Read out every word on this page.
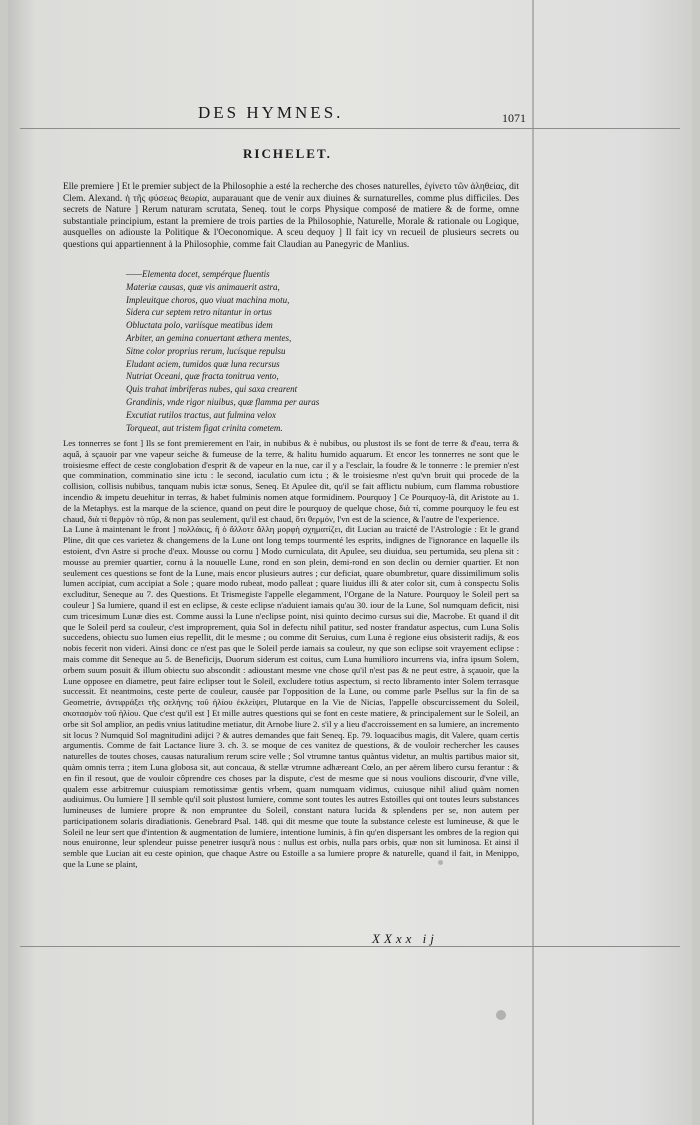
DES HYMNES.	1071
RICHELET.

Elle premiere ] Et le premier subject de la Philosophie a esté la recherche des choses naturelles, ἐγίνετο τῶν ἀληθείας, dit Clem. Alexand. ἡ τῆς φύσεως θεωρία, auparauant que de venir aux diuines & surnaturelles, comme plus difficiles. Des secrets de Nature ] Rerum naturam scrutata, Seneq. tout le corps Physique composé de matiere & de forme, omne substantiale principium, estant la premiere de trois parties de la Philosophie, Naturelle, Morale & rationale ou Logique, ausquelles on adiouste la Politique & l'Oeconomique. A sceu dequoy ] Il fait icy vn recueil de plusieurs secrets ou questions qui appartiennent à la Philosophie, comme fait Claudian au Panegyric de Manlius.

——Elementa docet, sempérque fluentis
Materiæ causas, quæ vis animauerit astra,
Impleuitque choros, quo viuat machina motu,
Sidera cur septem retro nitantur in ortus
Obluctata polo, variísque meatibus idem
Arbiter, an gemina conuertant æthera mentes,
Sitne color proprius rerum, lucísque repulsu
Eludant aciem, tumidos quæ luna recursus
Nutriat Oceani, quæ fracta tonitrua vento,
Quis trahat imbriferas nubes, qui saxa crearent
Grandinis, vnde rigor niuibus, quæ flamma per auras
Excutiat rutilos tractus, aut fulmina velox
Torqueat, aut tristem figat crinita cometem.

Les tonnerres se font ] Ils se font premierement en l'air, in nubibus & è nubibus, ou plustost ils se font de terre & d'eau, terra & aquâ, à sçauoir par vne vapeur seiche & fumeuse de la terre, & halitu humido aquarum. Et encor les tonnerres ne sont que le troisiesme effect de ceste conglobation d'esprit & de vapeur en la nue, car il y a l'esclair, la foudre & le tonnerre : le premier n'est que commination, comminatio sine ictu : le second, iaculatio cum ictu ; & le troisiesme n'est qu'vn bruit qui procede de la collision, collisis nubibus, tanquam nubis ictæ sonus, Seneq. Et Apulee dit, qu'il se fait afflictu nubium, cum flamma robustiore incendio & impetu deuehitur in terras, & habet fulminis nomen atque formidinem. Pourquoy ] Ce Pourquoy-là, dit Aristote au 1. de la Metaphys. est la marque de la science, quand on peut dire le pourquoy de quelque chose, διὰ τί, comme pourquoy le feu est chaud, διὰ τί θερμὸν τὸ πῦρ, & non pas seulement, qu'il est chaud, ὅτι θερμόν, l'vn est de la science, & l'autre de l'experience.

La Lune à maintenant le front ] πολλάκις, ἢ ὁ ἄλλοτε ἄλλη μορφὴ σχηματίζει, dit Lucian au traicté de l'Astrologie : Et le grand Pline, dit que ces varietez & changemens de la Lune ont long temps tourmenté les esprits, indignes de l'ignorance en laquelle ils estoient, d'vn Astre si proche d'eux. Mousse ou cornu ] Modo curniculata, dit Apulee, seu diuidua, seu pertumida, seu plena sit : mousse au premier quartier, cornu à la nouuelle Lune, rond en son plein, demi-rond en son declin ou dernier quartier. Et non seulement ces questions se font de la Lune, mais encor plusieurs autres ; cur deficiat, quare obumbretur, quare dissimilimum solis lumen accipiat, cum accipiat a Sole ; quare modo rubeat, modo palleat ; quare liuidus illi & ater color sit, cum à conspectu Solis excluditur, Seneque au 7. des Questions. Et Trismegiste l'appelle elegamment, l'Organe de la Nature. Pourquoy le Soleil pert sa couleur ] Sa lumiere, quand il est en eclipse, & ceste eclipse n'aduient iamais qu'au 30. iour de la Lune, Sol numquam deficit, nisi cum tricesimum Lunæ dies est. Comme aussi la Lune n'eclipse point, nisi quinto decimo cursus sui die, Macrobe. Et quand il dit que le Soleil perd sa couleur, c'est improprement, quia Sol in defectu nihil patitur, sed noster frandatur aspectus, cum Luna Solis succedens, obiectu suo lumen eius repellit, dit le mesme ; ou comme dit Seruius, cum Luna è regione eius obsisterit radijs, & eos nobis fecerit non videri. Ainsi donc ce n'est pas que le Soleil perde iamais sa couleur, ny que son eclipse soit vrayement eclipse : mais comme dit Seneque au 5. de Beneficijs, Duorum siderum est coitus, cum Luna humilioro incurrens via, infra ipsum Solem, orbem suum posuit & illum obiectu suo abscondit : adioustant mesme vne chose qu'il n'est pas & ne peut estre, à sçauoir, que la Lune opposee en diametre, peut faire eclipser tout le Soleil, excludere totius aspectum, si recto libramento inter Solem terrasque successit. Et neantmoins, ceste perte de couleur, causée par l'opposition de la Lune, ou comme parle Psellus sur la fin de sa Geometrie, ἀντιφράξει τῆς σελήνης τοῦ ἡλίου ἐκλείψει, Plutarque en la Vie de Nicias, l'appelle obscurcissement du Soleil, σκοτασμὸν τοῦ ἡλίου. Que c'est qu'il est ] Et mille autres questions qui se font en ceste matiere, & principalement sur le Soleil, an orbe sit Sol amplior, an pedis vnius latitudine metiatur, dit Arnobe liure 2. s'il y a lieu d'accroissement en sa lumiere, an incremento sit locus ? Numquid Sol magnitudini adijci ? & autres demandes que fait Seneq. Ep. 79. loquacibus magis, dit Valere, quam certis argumentis. Comme de fait Lactance liure 3. ch. 3. se moque de ces vanitez de questions, & de vouloir rechercher les causes naturelles de toutes choses, causas naturalium rerum scire velle ; Sol vtrumne tantus quàntus videtur, an multis partibus maior sit, quàm omnis terra ; item Luna globosa sit, aut concaua, & stellæ vtrumne adhæreant Cœlo, an per aërem libero cursu ferantur : & en fin il resout, que de vouloir côprendre ces choses par la dispute, c'est de mesme que si nous voulions discourir, d'vne ville, qualem esse arbitremur cuiuspiam remotissimæ gentis vrbem, quam numquam vidimus, cuiusque nihil aliud quàm nomen audiuimus. Ou lumiere ] Il semble qu'il soit plustost lumiere, comme sont toutes les autres Estoilles qui ont toutes leurs substances lumineuses de lumiere propre & non empruntee du Soleil, constant natura lucida & splendens per se, non autem per participationem solaris diradiationis. Genebrard Psal. 148. qui dit mesme que toute la substance celeste est lumineuse, & que le Soleil ne leur sert que d'intention & augmentation de lumiere, intentione luminis, à fin qu'en dispersant les ombres de la region qui nous enuironne, leur splendeur puisse penetrer iusqu'à nous : nullus est orbis, nulla pars orbis, quæ non sit luminosa. Et ainsi il semble que Lucian ait eu ceste opinion, que chaque Astre ou Estoille a sa lumiere propre & naturelle, quand il fait, in Menippo, que la Lune se plaint,

XXxx ij
